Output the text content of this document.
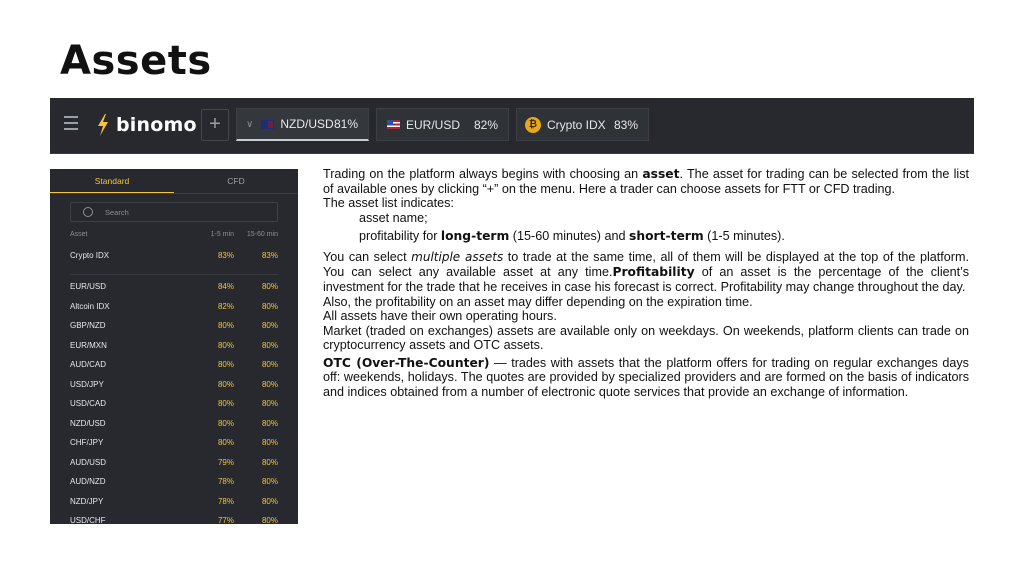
Assets
binomo +	∨ NZD/USD 81%	EUR/USD 82%	₿ Crypto IDX 83%
Standard	CFD
Search
Asset	1-5 min	15-60 min
Crypto IDX	83%	83%
EUR/USD	84%	80%
Altcoin IDX	82%	80%
GBP/NZD	80%	80%
EUR/MXN	80%	80%
AUD/CAD	80%	80%
USD/JPY	80%	80%
USD/CAD	80%	80%
NZD/USD	80%	80%
CHF/JPY	80%	80%
AUD/USD	79%	80%
AUD/NZD	78%	80%
NZD/JPY	78%	80%
USD/CHF	77%	80%

Trading on the platform always begins with choosing an asset. The asset for trading can be selected from the list of available ones by clicking “+” on the menu. Here a trader can choose assets for FTT or CFD trading.

The asset list indicates:

asset name;

profitability for long-term (15-60 minutes) and short-term (1-5 minutes).

You can select multiple assets to trade at the same time, all of them will be displayed at the top of the platform. You can select any available asset at any time.Profitability of an asset is the percentage of the client’s investment for the trade that he receives in case his forecast is correct. Profitability may change throughout the day.

Also, the profitability on an asset may differ depending on the expiration time.

All assets have their own operating hours.

Market (traded on exchanges) assets are available only on weekdays. On weekends, platform clients can trade on cryptocurrency assets and OTC assets.

OTC (Over-The-Counter) — trades with assets that the platform offers for trading on regular exchanges days off: weekends, holidays. The quotes are provided by specialized providers and are formed on the basis of indicators and indices obtained from a number of electronic quote services that provide an exchange of information.
